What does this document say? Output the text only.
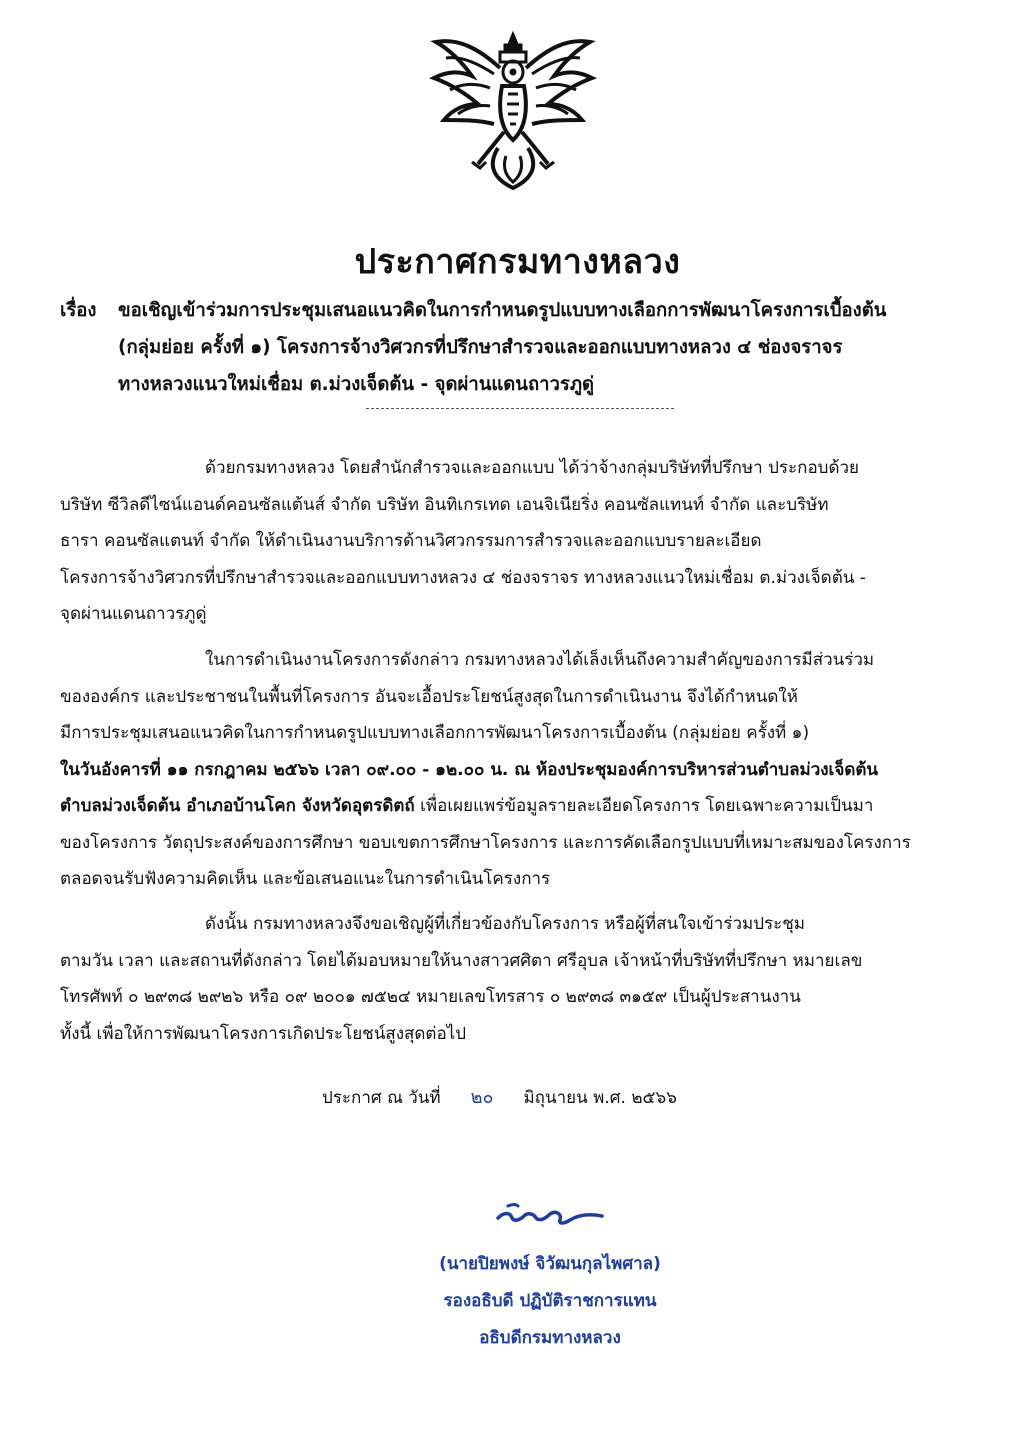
ประกาศกรมทางหลวง
เรื่อง ขอเชิญเข้าร่วมการประชุมเสนอแนวคิดในการกำหนดรูปแบบทางเลือกการพัฒนาโครงการเบื้องต้น
(กลุ่มย่อย ครั้งที่ ๑) โครงการจ้างวิศวกรที่ปรึกษาสำรวจและออกแบบทางหลวง ๔ ช่องจราจร
ทางหลวงแนวใหม่เชื่อม ต.ม่วงเจ็ดต้น - จุดผ่านแดนถาวรภูดู่
ด้วยกรมทางหลวง โดยสำนักสำรวจและออกแบบ ได้ว่าจ้างกลุ่มบริษัทที่ปรึกษา ประกอบด้วย
บริษัท ซีวิลดีไซน์แอนด์คอนซัลแต้นส์ จำกัด บริษัท อินทิเกรเทด เอนจิเนียริ่ง คอนซัลแทนท์ จำกัด และบริษัท
ธารา คอนซัลแตนท์ จำกัด ให้ดำเนินงานบริการด้านวิศวกรรมการสำรวจและออกแบบรายละเอียด
โครงการจ้างวิศวกรที่ปรึกษาสำรวจและออกแบบทางหลวง ๔ ช่องจราจร ทางหลวงแนวใหม่เชื่อม ต.ม่วงเจ็ดต้น -
จุดผ่านแดนถาวรภูดู่
ในการดำเนินงานโครงการดังกล่าว กรมทางหลวงได้เล็งเห็นถึงความสำคัญของการมีส่วนร่วม
ขององค์กร และประชาชนในพื้นที่โครงการ อันจะเอื้อประโยชน์สูงสุดในการดำเนินงาน จึงได้กำหนดให้
มีการประชุมเสนอแนวคิดในการกำหนดรูปแบบทางเลือกการพัฒนาโครงการเบื้องต้น (กลุ่มย่อย ครั้งที่ ๑)
ในวันอังคารที่ ๑๑ กรกฎาคม ๒๕๖๖ เวลา ๐๙.๐๐ - ๑๒.๐๐ น. ณ ห้องประชุมองค์การบริหารส่วนตำบลม่วงเจ็ดต้น
ตำบลม่วงเจ็ดต้น อำเภอบ้านโคก จังหวัดอุตรดิตถ์ เพื่อเผยแพร่ข้อมูลรายละเอียดโครงการ โดยเฉพาะความเป็นมา
ของโครงการ วัตถุประสงค์ของการศึกษา ขอบเขตการศึกษาโครงการ และการคัดเลือกรูปแบบที่เหมาะสมของโครงการ
ตลอดจนรับฟังความคิดเห็น และข้อเสนอแนะในการดำเนินโครงการ
ดังนั้น กรมทางหลวงจึงขอเชิญผู้ที่เกี่ยวข้องกับโครงการ หรือผู้ที่สนใจเข้าร่วมประชุม
ตามวัน เวลา และสถานที่ดังกล่าว โดยได้มอบหมายให้นางสาวศศิตา ศรีอุบล เจ้าหน้าที่บริษัทที่ปรึกษา หมายเลข
โทรศัพท์ ๐ ๒๙๓๘ ๒๙๒๖ หรือ ๐๙ ๒๐๐๑ ๗๕๒๔ หมายเลขโทรสาร ๐ ๒๙๓๘ ๓๑๕๙ เป็นผู้ประสานงาน
ทั้งนี้ เพื่อให้การพัฒนาโครงการเกิดประโยชน์สูงสุดต่อไป
ประกาศ ณ วันที่ ๒๐ มิถุนายน พ.ศ. ๒๕๖๖
(นายปิยพงษ์ จิวัฒนกุลไพศาล)
รองอธิบดี ปฏิบัติราชการแทน
อธิบดีกรมทางหลวง
